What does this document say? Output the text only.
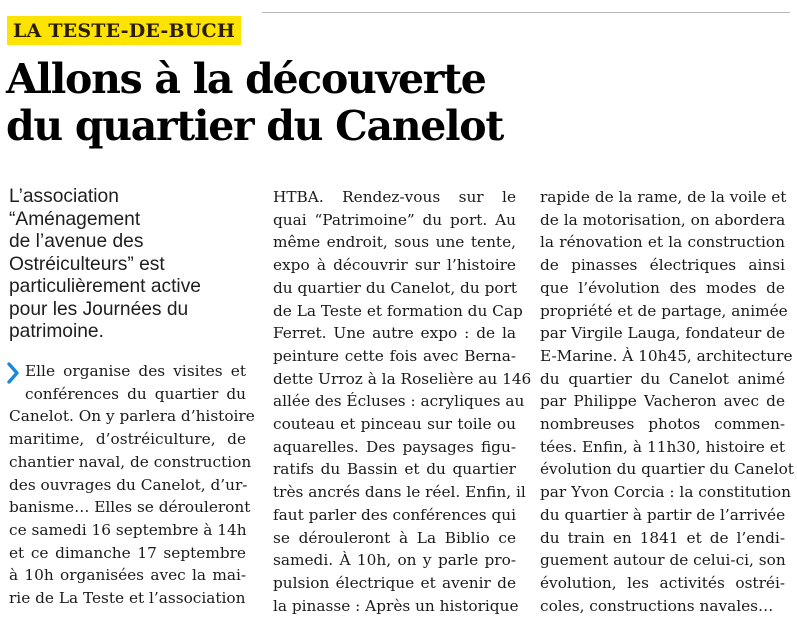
LA TESTE-DE-BUCH
Allons à la découverte
du quartier du Canelot
L’association
“Aménagement
de l’avenue des
Ostréiculteurs” est
particulièrement active
pour les Journées du
patrimoine.
Elle organise des visites et
conférences du quartier du
Canelot. On y parlera d’histoire
maritime, d’ostréiculture, de
chantier naval, de construction
des ouvrages du Canelot, d’ur-
banisme… Elles se dérouleront
ce samedi 16 septembre à 14h
et ce dimanche 17 septembre
à 10h organisées avec la mai-
rie de La Teste et l’association
HTBA. Rendez-vous sur le
quai “Patrimoine” du port. Au
même endroit, sous une tente,
expo à découvrir sur l’histoire
du quartier du Canelot, du port
de La Teste et formation du Cap
Ferret. Une autre expo : de la
peinture cette fois avec Berna-
dette Urroz à la Roselière au 146
allée des Écluses : acryliques au
couteau et pinceau sur toile ou
aquarelles. Des paysages figu-
ratifs du Bassin et du quartier
très ancrés dans le réel. Enfin, il
faut parler des conférences qui
se dérouleront à La Biblio ce
samedi. À 10h, on y parle pro-
pulsion électrique et avenir de
la pinasse : Après un historique
rapide de la rame, de la voile et
de la motorisation, on abordera
la rénovation et la construction
de pinasses électriques ainsi
que l’évolution des modes de
propriété et de partage, animée
par Virgile Lauga, fondateur de
E-Marine. À 10h45, architecture
du quartier du Canelot animé
par Philippe Vacheron avec de
nombreuses photos commen-
tées. Enfin, à 11h30, histoire et
évolution du quartier du Canelot
par Yvon Corcia : la constitution
du quartier à partir de l’arrivée
du train en 1841 et de l’endi-
guement autour de celui-ci, son
évolution, les activités ostréi-
coles, constructions navales…
